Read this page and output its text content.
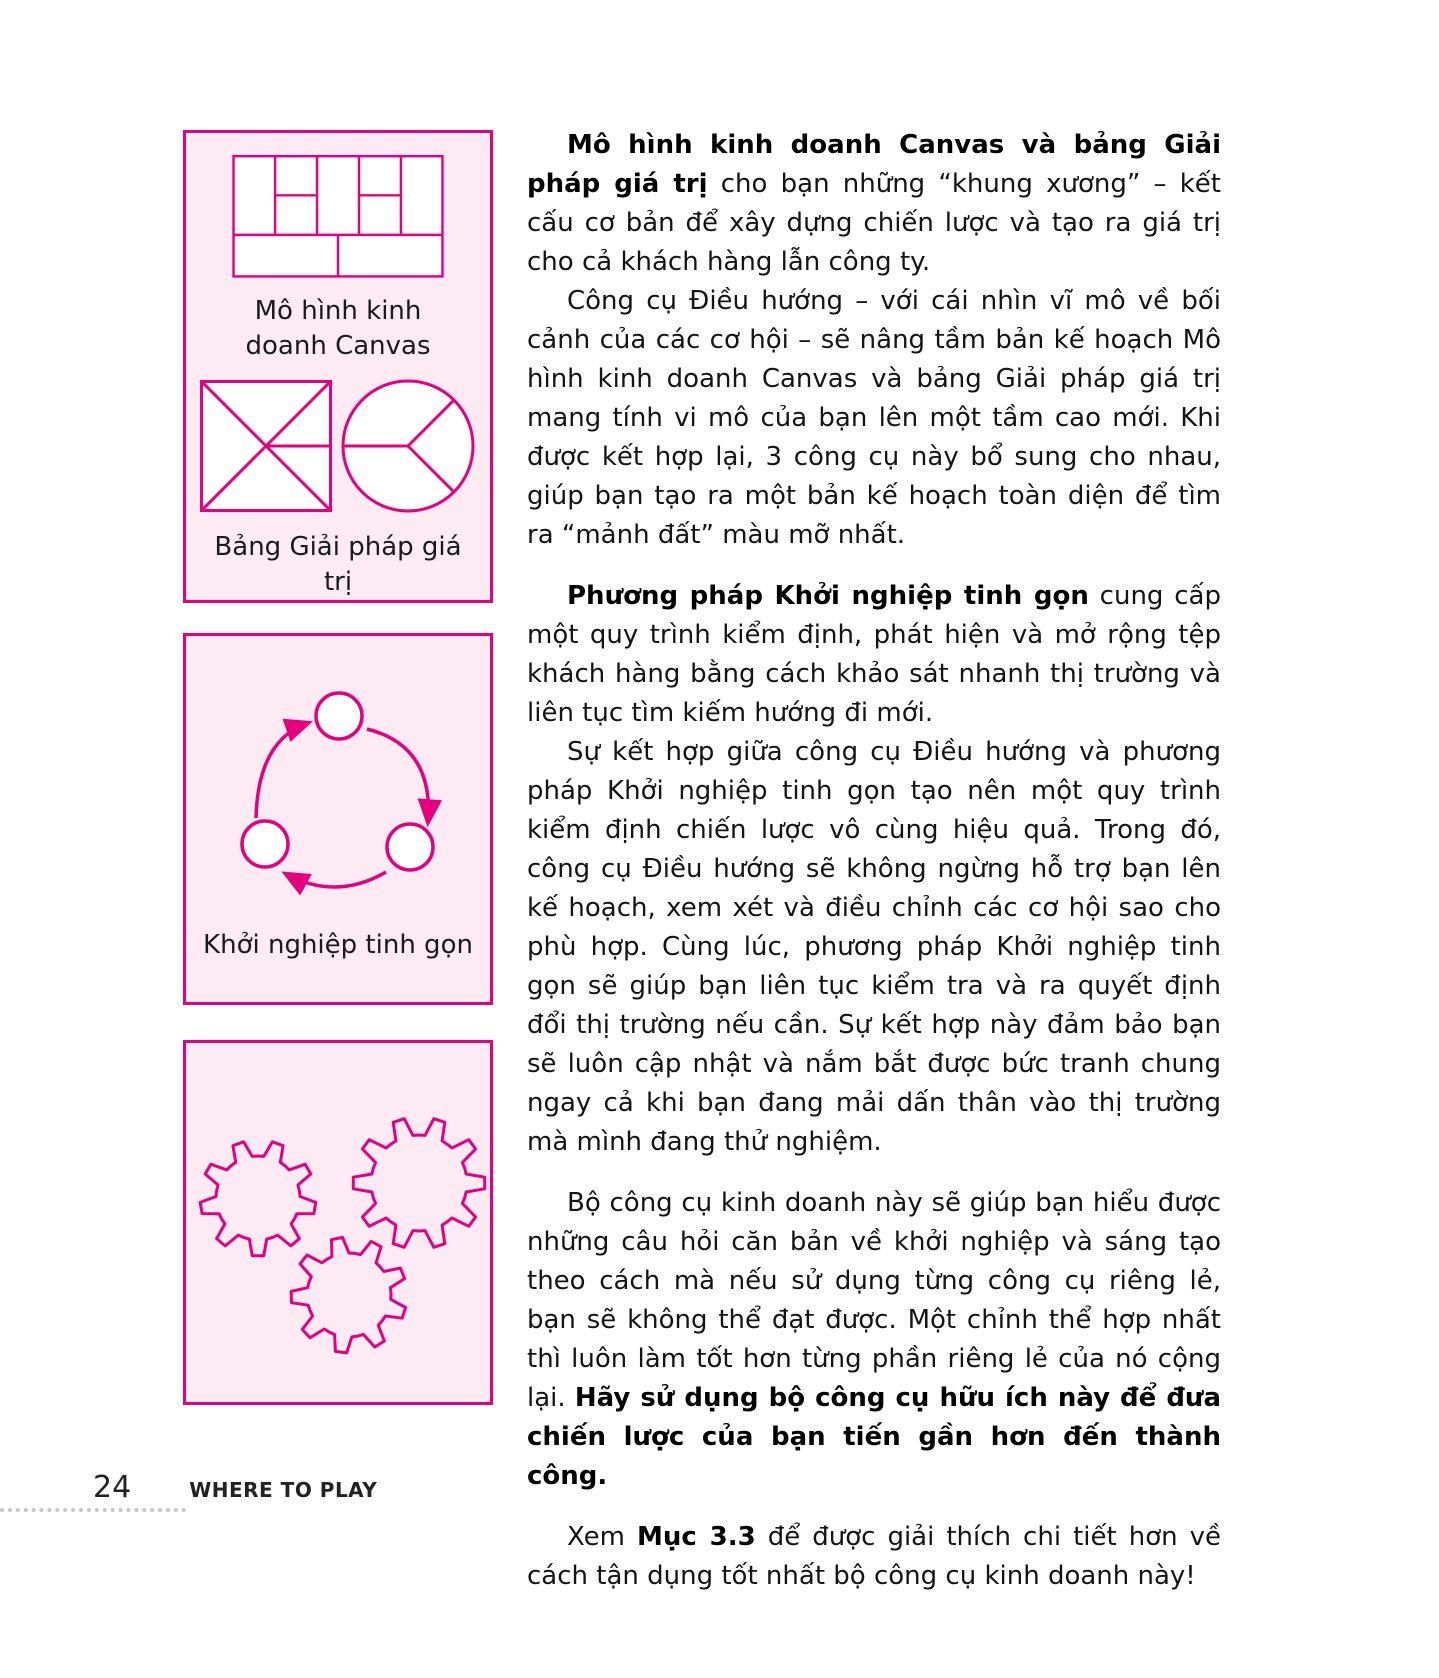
Mô hình kinh doanh Canvas
Bảng Giải pháp giá trị
Khởi nghiệp tinh gọn

Mô hình kinh doanh Canvas và bảng Giải pháp giá trị cho bạn những “khung xương” – kết cấu cơ bản để xây dựng chiến lược và tạo ra giá trị cho cả khách hàng lẫn công ty.

Công cụ Điều hướng – với cái nhìn vĩ mô về bối cảnh của các cơ hội – sẽ nâng tầm bản kế hoạch Mô hình kinh doanh Canvas và bảng Giải pháp giá trị mang tính vi mô của bạn lên một tầm cao mới. Khi được kết hợp lại, 3 công cụ này bổ sung cho nhau, giúp bạn tạo ra một bản kế hoạch toàn diện để tìm ra “mảnh đất” màu mỡ nhất.

Phương pháp Khởi nghiệp tinh gọn cung cấp một quy trình kiểm định, phát hiện và mở rộng tệp khách hàng bằng cách khảo sát nhanh thị trường và liên tục tìm kiếm hướng đi mới.

Sự kết hợp giữa công cụ Điều hướng và phương pháp Khởi nghiệp tinh gọn tạo nên một quy trình kiểm định chiến lược vô cùng hiệu quả. Trong đó, công cụ Điều hướng sẽ không ngừng hỗ trợ bạn lên kế hoạch, xem xét và điều chỉnh các cơ hội sao cho phù hợp. Cùng lúc, phương pháp Khởi nghiệp tinh gọn sẽ giúp bạn liên tục kiểm tra và ra quyết định đổi thị trường nếu cần. Sự kết hợp này đảm bảo bạn sẽ luôn cập nhật và nắm bắt được bức tranh chung ngay cả khi bạn đang mải dấn thân vào thị trường mà mình đang thử nghiệm.

Bộ công cụ kinh doanh này sẽ giúp bạn hiểu được những câu hỏi căn bản về khởi nghiệp và sáng tạo theo cách mà nếu sử dụng từng công cụ riêng lẻ, bạn sẽ không thể đạt được. Một chỉnh thể hợp nhất thì luôn làm tốt hơn từng phần riêng lẻ của nó cộng lại. Hãy sử dụng bộ công cụ hữu ích này để đưa chiến lược của bạn tiến gần hơn đến thành công.

Xem Mục 3.3 để được giải thích chi tiết hơn về cách tận dụng tốt nhất bộ công cụ kinh doanh này!

24	WHERE TO PLAY
